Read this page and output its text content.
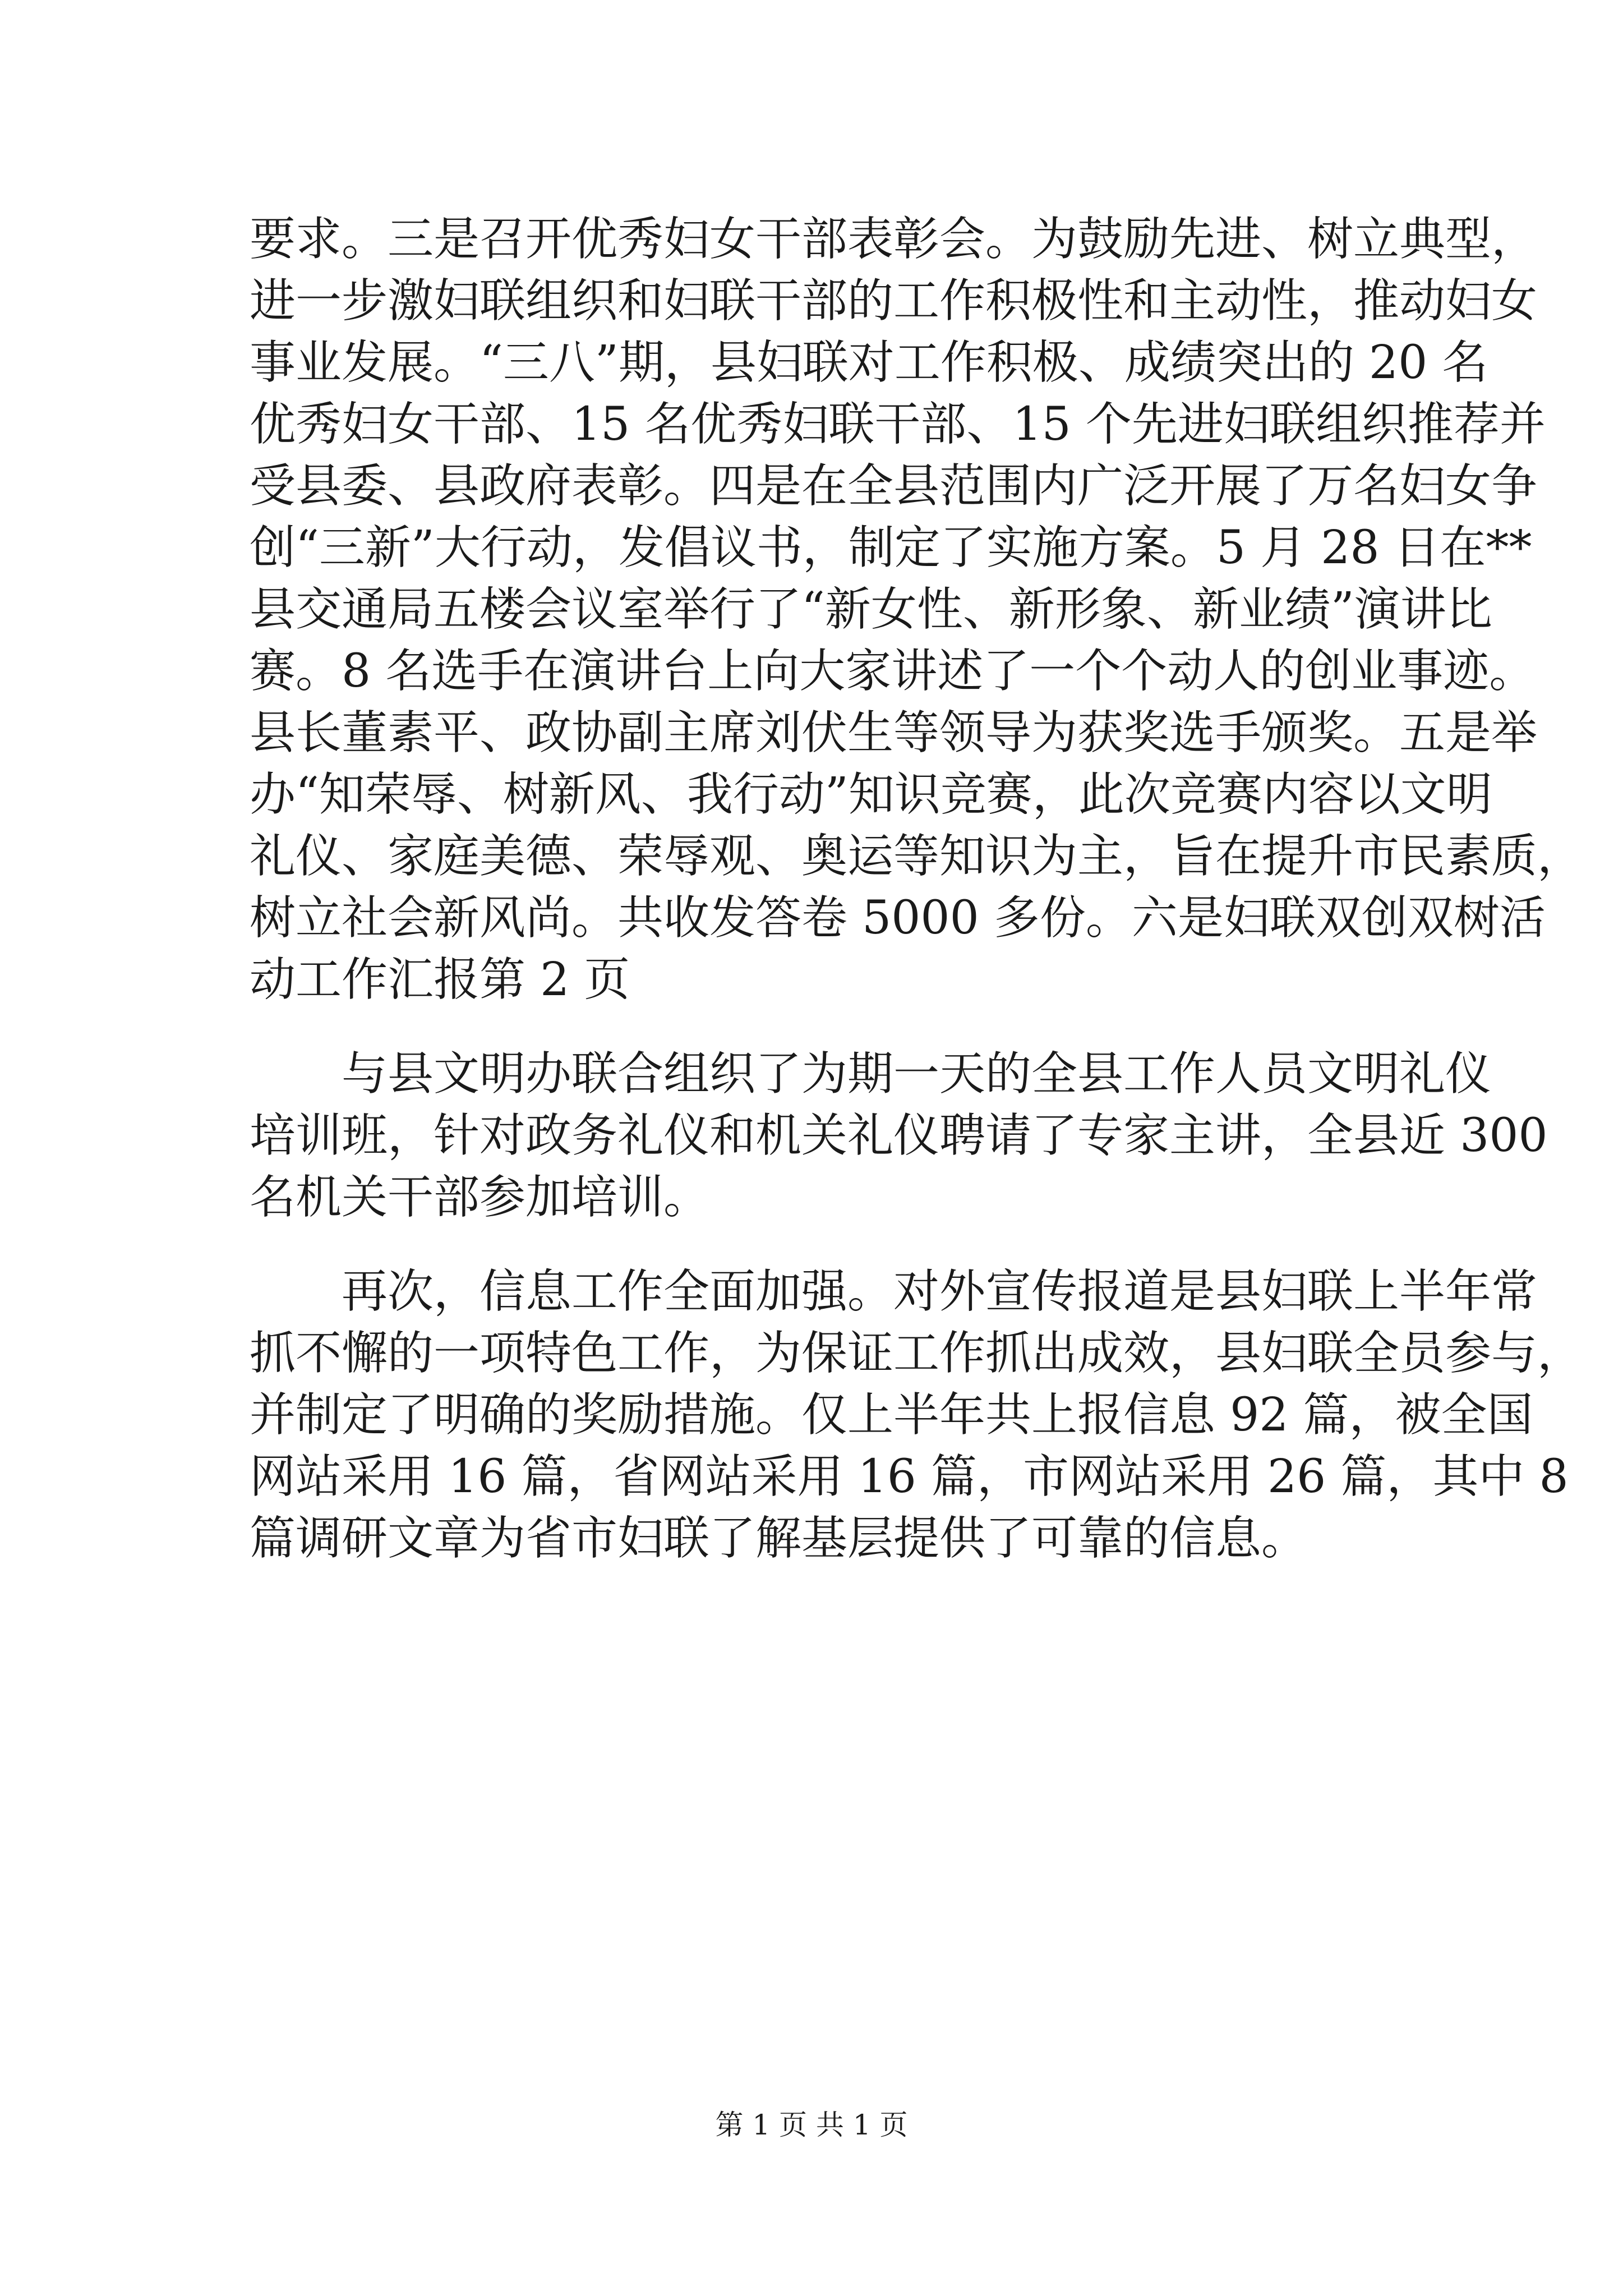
要求。三是召开优秀妇女干部表彰会。为鼓励先进、树立典型，
进一步激妇联组织和妇联干部的工作积极性和主动性，推动妇女
事业发展。“三八”期，县妇联对工作积极、成绩突出的 20 名
优秀妇女干部、15 名优秀妇联干部、15 个先进妇联组织推荐并
受县委、县政府表彰。四是在全县范围内广泛开展了万名妇女争
创“三新”大行动，发倡议书，制定了实施方案。5 月 28 日在**
县交通局五楼会议室举行了“新女性、新形象、新业绩”演讲比
赛。8 名选手在演讲台上向大家讲述了一个个动人的创业事迹。
县长董素平、政协副主席刘伏生等领导为获奖选手颁奖。五是举
办“知荣辱、树新风、我行动”知识竞赛，此次竞赛内容以文明
礼仪、家庭美德、荣辱观、奥运等知识为主，旨在提升市民素质，
树立社会新风尚。共收发答卷 5000 多份。六是妇联双创双树活
动工作汇报第 2 页
与县文明办联合组织了为期一天的全县工作人员文明礼仪
培训班，针对政务礼仪和机关礼仪聘请了专家主讲，全县近 300
名机关干部参加培训。
再次，信息工作全面加强。对外宣传报道是县妇联上半年常
抓不懈的一项特色工作，为保证工作抓出成效，县妇联全员参与，
并制定了明确的奖励措施。仅上半年共上报信息 92 篇，被全国
网站采用 16 篇，省网站采用 16 篇，市网站采用 26 篇，其中 8
篇调研文章为省市妇联了解基层提供了可靠的信息。
第 1 页 共 1 页
